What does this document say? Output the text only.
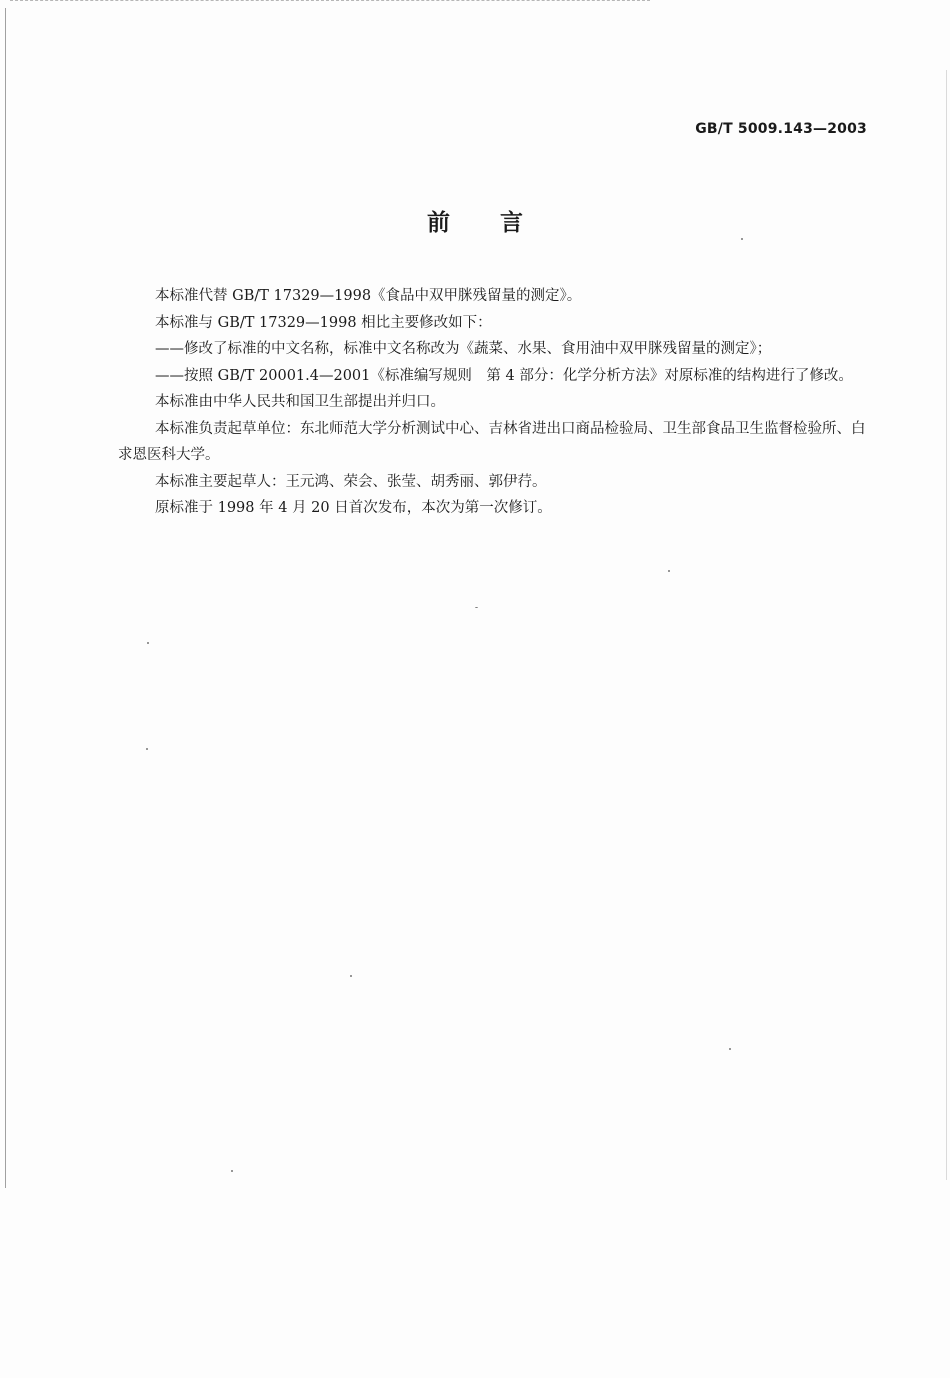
GB/T 5009.143—2003
前 言

本标准代替 GB/T 17329—1998《食品中双甲脒残留量的测定》。

本标准与 GB/T 17329—1998 相比主要修改如下：

——修改了标准的中文名称，标准中文名称改为《蔬菜、水果、食用油中双甲脒残留量的测定》；

——按照 GB/T 20001.4—2001《标准编写规则　第 4 部分：化学分析方法》对原标准的结构进行了修改。

本标准由中华人民共和国卫生部提出并归口。

本标准负责起草单位：东北师范大学分析测试中心、吉林省进出口商品检验局、卫生部食品卫生监督检验所、白求恩医科大学。

本标准主要起草人：王元鸿、荣会、张莹、胡秀丽、郭伊荇。

原标准于 1998 年 4 月 20 日首次发布，本次为第一次修订。
